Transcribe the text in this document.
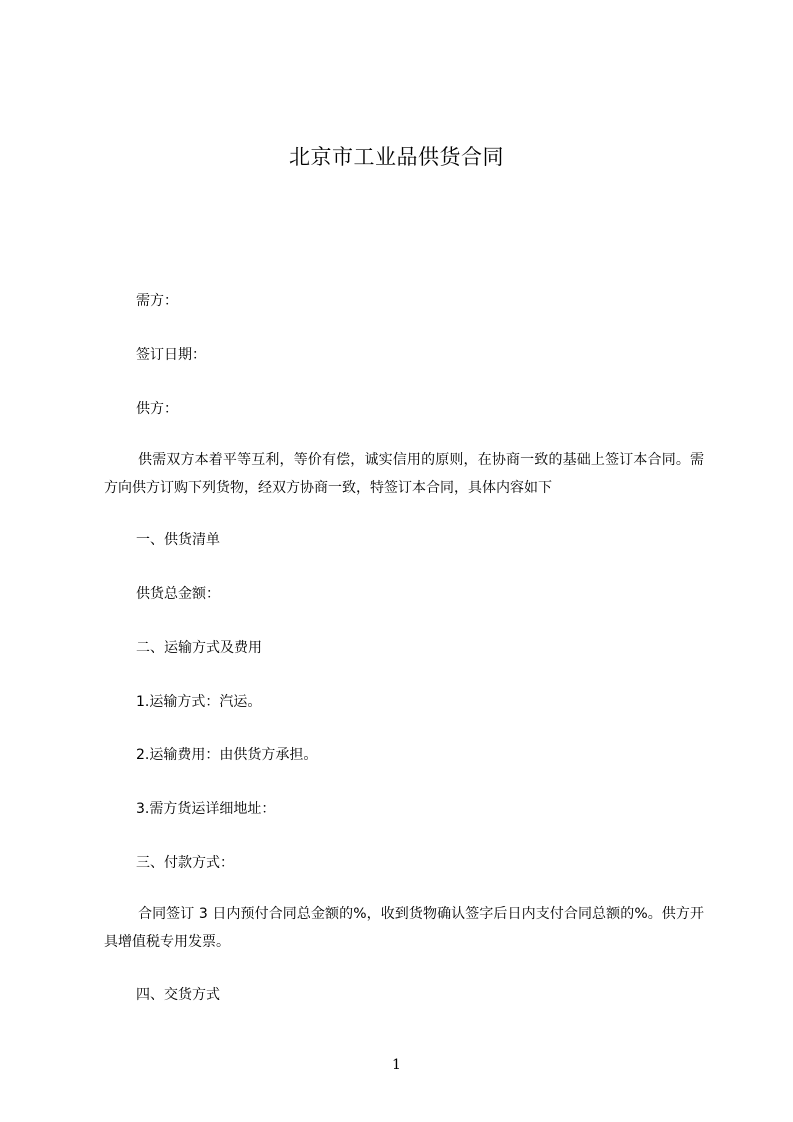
北京市工业品供货合同
需方：
签订日期：
供方：
供需双方本着平等互利，等价有偿，诚实信用的原则，在协商一致的基础上签订本合同。需方向供方订购下列货物，经双方协商一致，特签订本合同，具体内容如下
一、供货清单
供货总金额：
二、运输方式及费用
1.运输方式：汽运。
2.运输费用：由供货方承担。
3.需方货运详细地址：
三、付款方式：
合同签订 3 日内预付合同总金额的%，收到货物确认签字后日内支付合同总额的%。供方开具增值税专用发票。
四、交货方式
1
